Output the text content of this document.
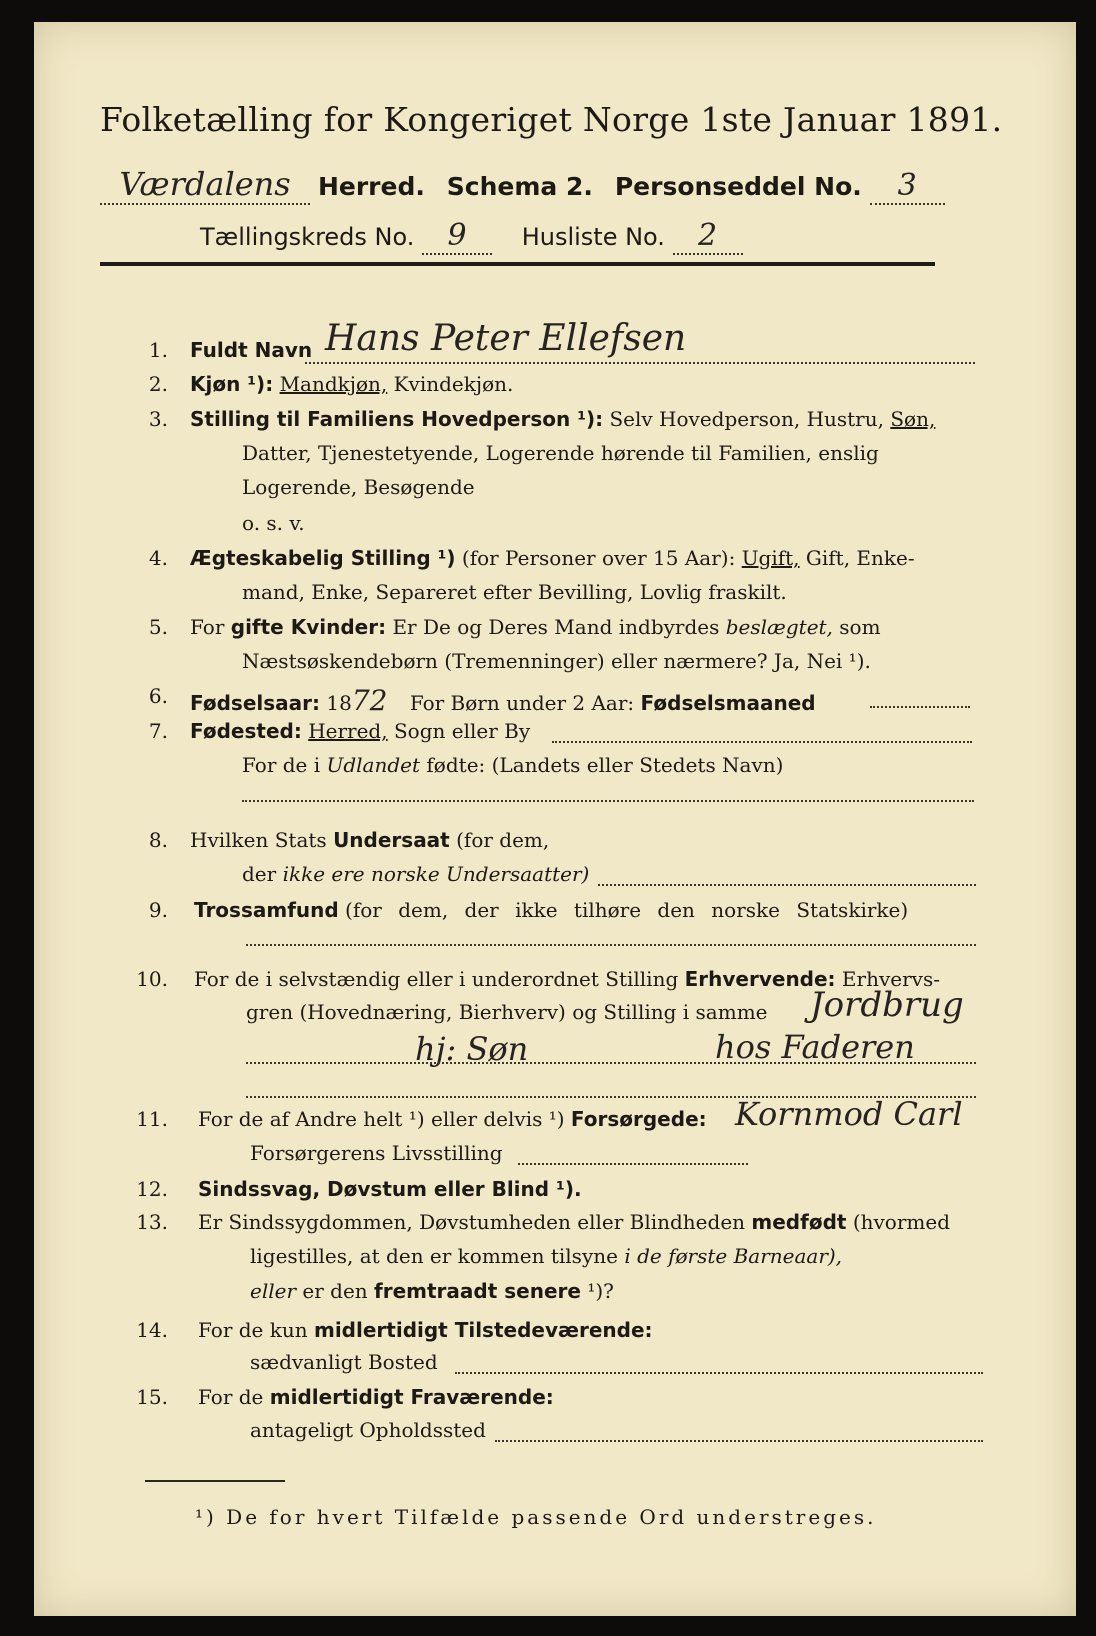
Folketælling for Kongeriget Norge 1ste Januar 1891.
Værdalens Herred. Schema 2. Personseddel No. 3
Tællingskreds No. 9 Husliste No. 2
1. Fuldt Navn Hans Peter Ellefsen
2. Kjøn ¹): Mandkjøn, Kvindekjøn.
3. Stilling til Familiens Hovedperson ¹): Selv Hovedperson, Hustru, Søn,
Datter, Tjenestetyende, Logerende hørende til Familien, enslig
Logerende, Besøgende
o. s. v.
4. Ægteskabelig Stilling ¹) (for Personer over 15 Aar): Ugift, Gift, Enke-
mand, Enke, Separeret efter Bevilling, Lovlig fraskilt.
5. For gifte Kvinder: Er De og Deres Mand indbyrdes beslægtet, som
Næstsøskendebørn (Tremenninger) eller nærmere? Ja, Nei ¹).
6. Fødselsaar: 1872 For Børn under 2 Aar: Fødselsmaaned
7. Fødested: Herred, Sogn eller By
For de i Udlandet fødte: (Landets eller Stedets Navn)
8. Hvilken Stats Undersaat (for dem,
der ikke ere norske Undersaatter)
9. Trossamfund (for dem, der ikke tilhøre den norske Statskirke)
10. For de i selvstændig eller i underordnet Stilling Erhvervende: Erhvervs-
gren (Hovednæring, Bierhverv) og Stilling i samme Jordbrug
hj: Søn	hos Faderen
11. For de af Andre helt ¹) eller delvis ¹) Forsørgede: Kornmod Carl
Forsørgerens Livsstilling
12. Sindssvag, Døvstum eller Blind ¹).
13. Er Sindssygdommen, Døvstumheden eller Blindheden medfødt (hvormed
ligestilles, at den er kommen tilsyne i de første Barneaar),
eller er den fremtraadt senere ¹)?
14. For de kun midlertidigt Tilstedeværende:
sædvanligt Bosted
15. For de midlertidigt Fraværende:
antageligt Opholdssted
¹) De for hvert Tilfælde passende Ord understreges.
